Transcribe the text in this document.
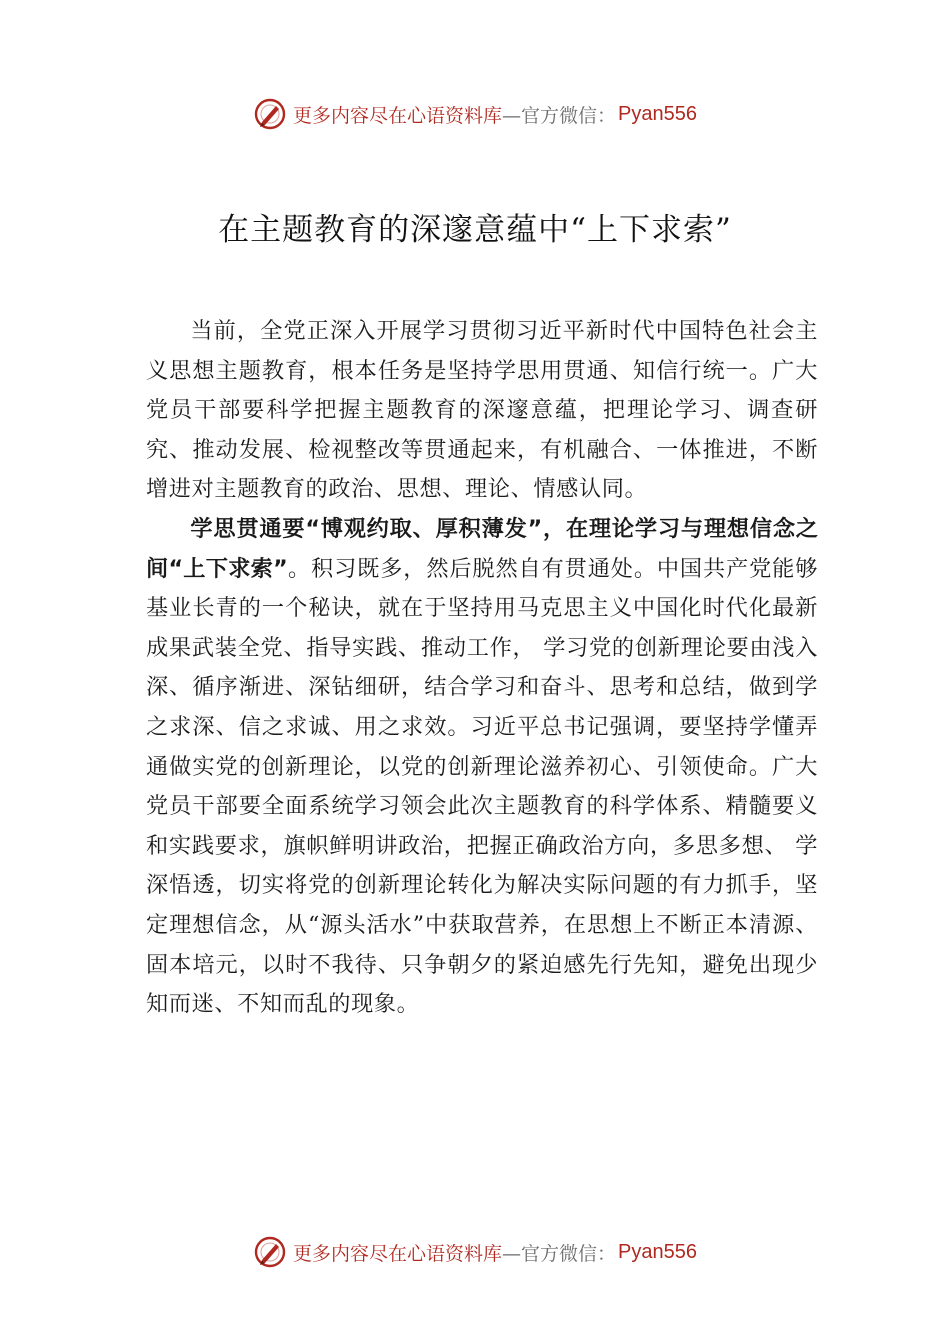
更多内容尽在心语资料库 —官方微信： Pyan556
在主题教育的深邃意蕴中“上下求索”

当前，全党正深入开展学习贯彻习近平新时代中国特色社会主义思想主题教育，根本任务是坚持学思用贯通、知信行统一。广大党员干部要科学把握主题教育的深邃意蕴，把理论学习、调查研究、推动发展、检视整改等贯通起来，有机融合、一体推进，不断增进对主题教育的政治、思想、理论、情感认同。

学思贯通要“博观约取、厚积薄发”，在理论学习与理想信念之间“上下求索”。积习既多，然后脱然自有贯通处。中国共产党能够基业长青的一个秘诀，就在于坚持用马克思主义中国化时代化最新成果武装全党、指导实践、推动工作， 学习党的创新理论要由浅入深、循序渐进、深钻细研，结合学习和奋斗、思考和总结，做到学之求深、信之求诚、用之求效。习近平总书记强调，要坚持学懂弄通做实党的创新理论，以党的创新理论滋养初心、引领使命。广大党员干部要全面系统学习领会此次主题教育的科学体系、精髓要义和实践要求，旗帜鲜明讲政治，把握正确政治方向，多思多想、 学深悟透，切实将党的创新理论转化为解决实际问题的有力抓手，坚定理想信念，从“源头活水”中获取营养，在思想上不断正本清源、固本培元，以时不我待、只争朝夕的紧迫感先行先知，避免出现少知而迷、不知而乱的现象。

更多内容尽在心语资料库 —官方微信： Pyan556
